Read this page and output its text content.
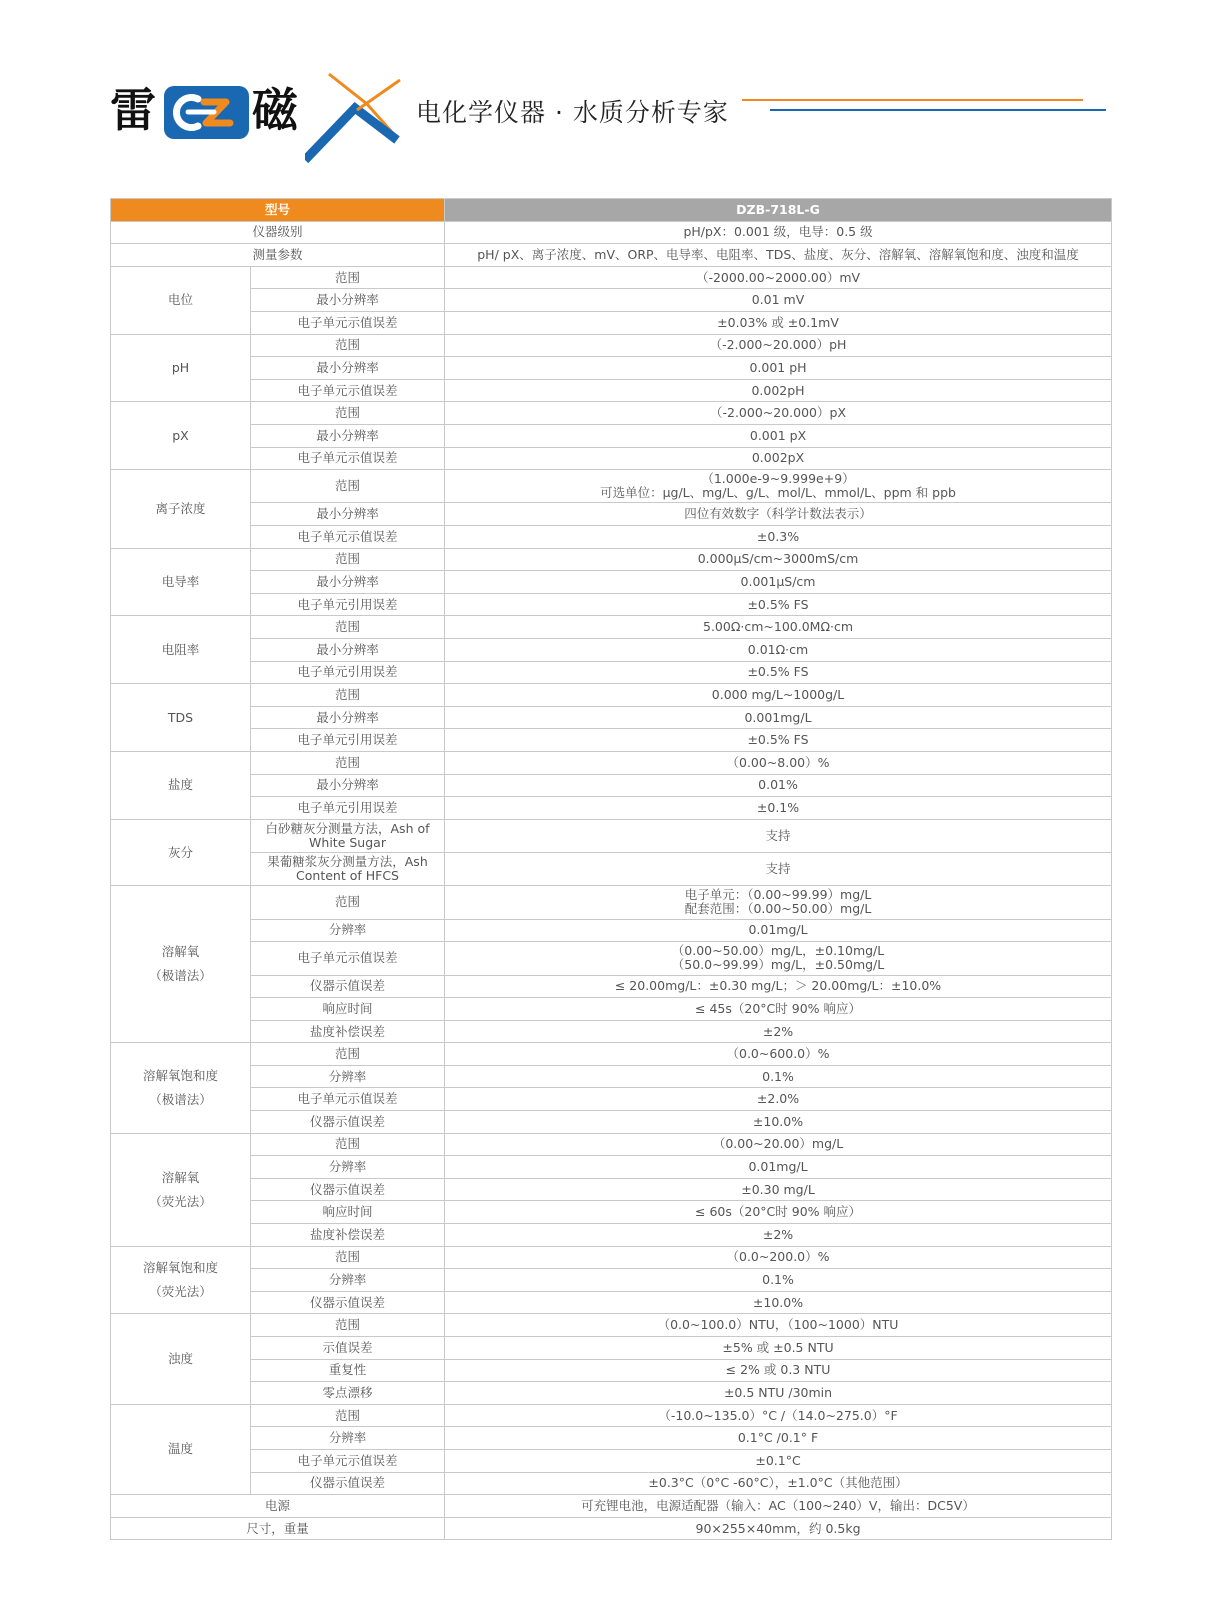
雷 磁	电化学仪器 · 水质分析专家
型号		DZB-718L-G
仪器级别		pH/pX：0.001 级，电导：0.5 级
测量参数		pH/ pX、离子浓度、mV、ORP、电导率、电阻率、TDS、盐度、灰分、溶解氧、溶解氧饱和度、浊度和温度
电位	范围	（-2000.00~2000.00）mV
	最小分辨率	0.01 mV
	电子单元示值误差	±0.03% 或 ±0.1mV
pH	范围	（-2.000~20.000）pH
	最小分辨率	0.001 pH
	电子单元示值误差	0.002pH
pX	范围	（-2.000~20.000）pX
	最小分辨率	0.001 pX
	电子单元示值误差	0.002pX
离子浓度	范围	（1.000e-9~9.999e+9）
可选单位：μg/L、mg/L、g/L、mol/L、mmol/L、ppm 和 ppb

	最小分辨率	四位有效数字（科学计数法表示）
	电子单元示值误差	±0.3%
电导率	范围	0.000μS/cm~3000mS/cm
	最小分辨率	0.001μS/cm
	电子单元引用误差	±0.5% FS
电阻率	范围	5.00Ω·cm~100.0MΩ·cm
	最小分辨率	0.01Ω·cm
	电子单元引用误差	±0.5% FS
TDS	范围	0.000 mg/L~1000g/L
	最小分辨率	0.001mg/L
	电子单元引用误差	±0.5% FS
盐度	范围	（0.00~8.00）%
	最小分辨率	0.01%
	电子单元引用误差	±0.1%
灰分	白砂糖灰分测量方法，Ash of
White Sugar	支持

	果葡糖浆灰分测量方法，Ash
Content of HFCS	支持

溶解氧
（极谱法）	范围	电子单元：（0.00~99.99）mg/L
配套范围：（0.00~50.00）mg/L

	分辨率	0.01mg/L
	电子单元示值误差	（0.00~50.00）mg/L，±0.10mg/L
（50.0~99.99）mg/L，±0.50mg/L

	仪器示值误差	≤ 20.00mg/L：±0.30 mg/L；＞ 20.00mg/L：±10.0%
	响应时间	≤ 45s（20°C时 90% 响应）
	盐度补偿误差	±2%

溶解氧饱和度
（极谱法）	范围	（0.0~600.0）%
	分辨率	0.1%
	电子单元示值误差	±2.0%
	仪器示值误差	±10.0%

溶解氧
（荧光法）	范围	（0.00~20.00）mg/L
	分辨率	0.01mg/L
	仪器示值误差	±0.30 mg/L
	响应时间	≤ 60s（20°C时 90% 响应）
	盐度补偿误差	±2%

溶解氧饱和度
（荧光法）	范围	（0.0~200.0）%
	分辨率	0.1%
	仪器示值误差	±10.0%
浊度	范围	（0.0~100.0）NTU，（100~1000）NTU
	示值误差	±5% 或 ±0.5 NTU
	重复性	≤ 2% 或 0.3 NTU
	零点漂移	±0.5 NTU /30min
温度	范围	（-10.0~135.0）°C /（14.0~275.0）°F
	分辨率	0.1°C /0.1° F
	电子单元示值误差	±0.1°C
	仪器示值误差	±0.3°C（0°C -60°C），±1.0°C（其他范围）
电源		可充锂电池，电源适配器（输入：AC（100~240）V，输出：DC5V）
尺寸，重量		90×255×40mm，约 0.5kg
